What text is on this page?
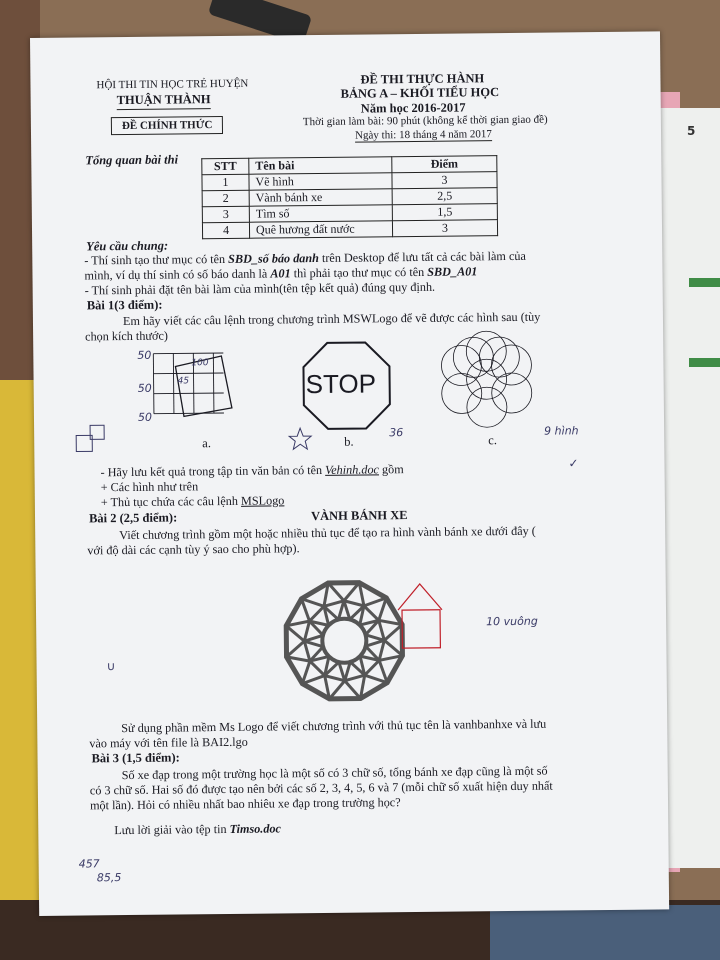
5
HỘI THI TIN HỌC TRẺ HUYỆN
THUẬN THÀNH
ĐỀ CHÍNH THỨC
ĐỀ THI THỰC HÀNH
BẢNG A – KHỐI TIỂU HỌC
Năm học 2016-2017
Thời gian làm bài: 90 phút (không kể thời gian giao đề)
Ngày thi: 18 tháng 4 năm 2017
Tổng quan bài thi	STT	Tên bài	Điểm
1	Vẽ hình	3
2	Vành bánh xe	2,5
3	Tìm số	1,5
4	Quê hương đất nước	3
Yêu cầu chung:
- Thí sinh tạo thư mục có tên SBD_số báo danh trên Desktop để lưu tất cả các bài làm của
mình, ví dụ thí sinh có số báo danh là A01 thì phải tạo thư mục có tên SBD_A01
- Thí sinh phải đặt tên bài làm của mình(tên tệp kết quả) đúng quy định.
Bài 1(3 điểm):
Em hãy viết các câu lệnh trong chương trình MSWLogo để vẽ được các hình sau (tùy
chọn kích thước)
50
50
50
100
45
a.
STOP
b.
36
c.
9 hình
✓
- Hãy lưu kết quả trong tập tin văn bản có tên Vehinh.doc gồm
+ Các hình như trên
+ Thủ tục chứa các câu lệnh MSLogo
Bài 2 (2,5 điểm):	VÀNH BÁNH XE
Viết chương trình gồm một hoặc nhiều thủ tục để tạo ra hình vành bánh xe dưới đây (
với độ dài các cạnh tùy ý sao cho phù hợp).
10 vuông
∪
Sử dụng phần mềm Ms Logo để viết chương trình với thủ tục tên là vanhbanhxe và lưu
vào máy với tên file là BAI2.lgo
Bài 3 (1,5 điểm):
Số xe đạp trong một trường học là một số có 3 chữ số, tổng bánh xe đạp cũng là một số
có 3 chữ số. Hai số đó được tạo nên bởi các số 2, 3, 4, 5, 6 và 7 (mỗi chữ số xuất hiện duy nhất
một lần). Hỏi có nhiều nhất bao nhiêu xe đạp trong trường học?
Lưu lời giải vào tệp tin Timso.doc
457
85,5
